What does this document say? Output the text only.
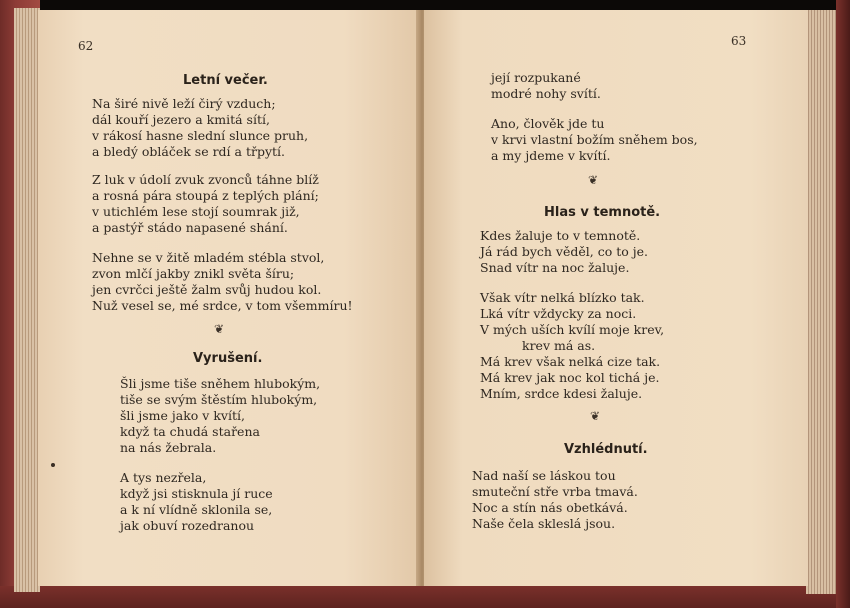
62
Letní večer.
Na širé nivě leží čirý vzduch;
dál kouří jezero a kmitá sítí,
v rákosí hasne slední slunce pruh,
a bledý obláček se rdí a třpytí.
Z luk v údolí zvuk zvonců táhne blíž
a rosná pára stoupá z teplých plání;
v utichlém lese stojí soumrak již,
a pastýř stádo napasené shání.
Nehne se v žitě mladém stébla stvol,
zvon mlčí jakby znikl světa šíru;
jen cvrčci ještě žalm svůj hudou kol.
Nuž vesel se, mé srdce, v tom všemmíru!
❦
Vyrušení.
Šli jsme tiše sněhem hlubokým,
tiše se svým štěstím hlubokým,
šli jsme jako v kvítí,
když ta chudá stařena
na nás žebrala.
A tys nezřela,
když jsi stisknula jí ruce
a k ní vlídně sklonila se,
jak obuví rozedranou
63
její rozpukané
modré nohy svítí.
Ano, člověk jde tu
v krvi vlastní božím sněhem bos,
a my jdeme v kvítí.
❦
Hlas v temnotě.
Kdes žaluje to v temnotě.
Já rád bych věděl, co to je.
Snad vítr na noc žaluje.
Však vítr nelká blízko tak.
Lká vítr vždycky za noci.
V mých uších kvílí moje krev,
krev má as.
Má krev však nelká cize tak.
Má krev jak noc kol tichá je.
Mním, srdce kdesi žaluje.
❦
Vzhlédnutí.
Nad naší se láskou tou
smuteční stře vrba tmavá.
Noc a stín nás obetkává.
Naše čela skleslá jsou.
